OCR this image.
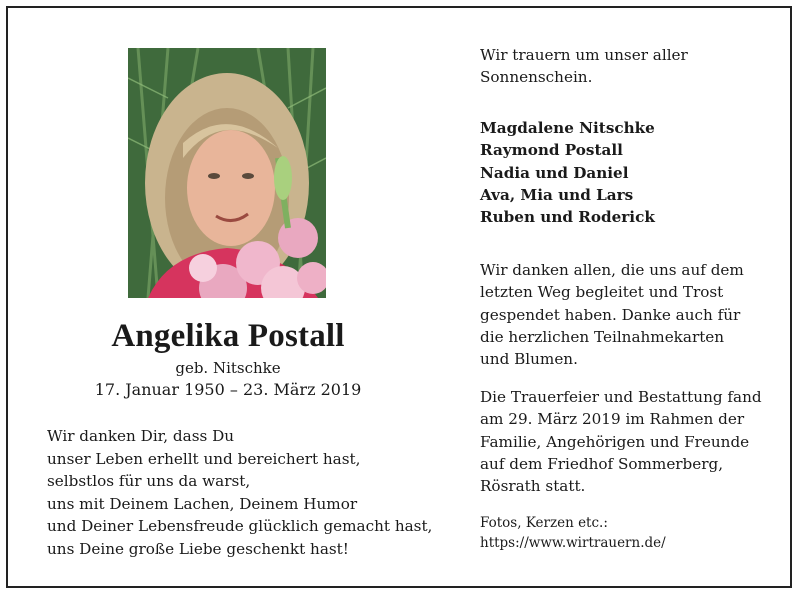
Angelika Postall
geb. Nitschke
17. Januar 1950 – 23. März 2019
Wir danken Dir, dass Du
unser Leben erhellt und bereichert hast,
selbstlos für uns da warst,
uns mit Deinem Lachen, Deinem Humor
und Deiner Lebensfreude glücklich gemacht hast,
uns Deine große Liebe geschenkt hast!
Wir trauern um unser aller
Sonnenschein.
Magdalene Nitschke
Raymond Postall
Nadia und Daniel
Ava, Mia und Lars
Ruben und Roderick
Wir danken allen, die uns auf dem
letzten Weg begleitet und Trost
gespendet haben. Danke auch für
die herzlichen Teilnahmekarten
und Blumen.
Die Trauerfeier und Bestattung fand
am 29. März 2019 im Rahmen der
Familie, Angehörigen und Freunde
auf dem Friedhof Sommerberg,
Rösrath statt.
Fotos, Kerzen etc.:
https://www.wirtrauern.de/
